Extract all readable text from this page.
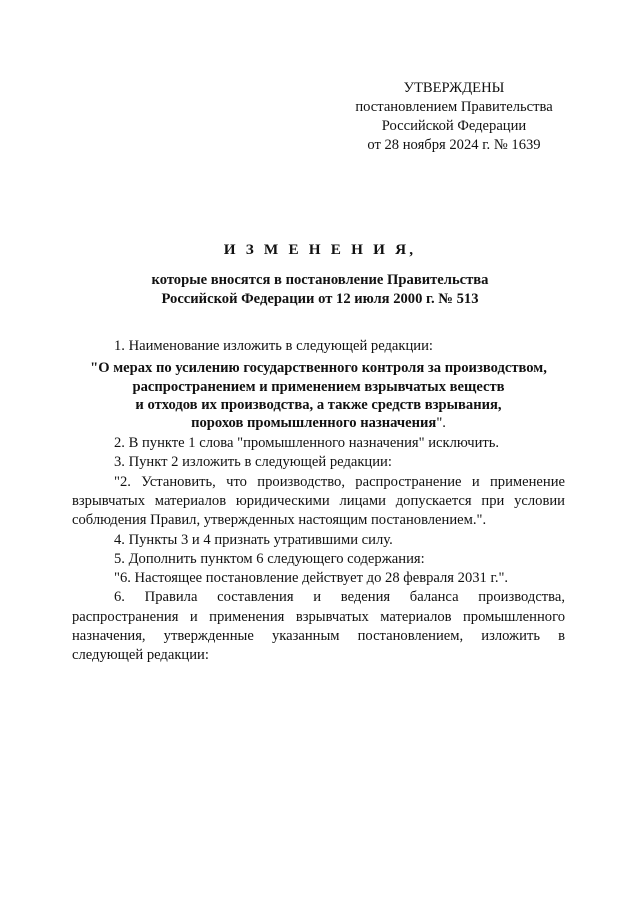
УТВЕРЖДЕНЫ
постановлением Правительства
Российской Федерации
от 28 ноября 2024 г. № 1639
И З М Е Н Е Н И Я,
которые вносятся в постановление Правительства
Российской Федерации от 12 июля 2000 г. № 513

1. Наименование изложить в следующей редакции:

"О мерах по усилению государственного контроля за производством,
распространением и применением взрывчатых веществ
и отходов их производства, а также средств взрывания,
порохов промышленного назначения".

2. В пункте 1 слова "промышленного назначения" исключить.

3. Пункт 2 изложить в следующей редакции:

"2. Установить, что производство, распространение и применение взрывчатых материалов юридическими лицами допускается при условии соблюдения Правил, утвержденных настоящим постановлением.".

4. Пункты 3 и 4 признать утратившими силу.

5. Дополнить пунктом 6 следующего содержания:

"6. Настоящее постановление действует до 28 февраля 2031 г.".

6. Правила составления и ведения баланса производства, распространения и применения взрывчатых материалов промышленного назначения, утвержденные указанным постановлением, изложить в следующей редакции:
